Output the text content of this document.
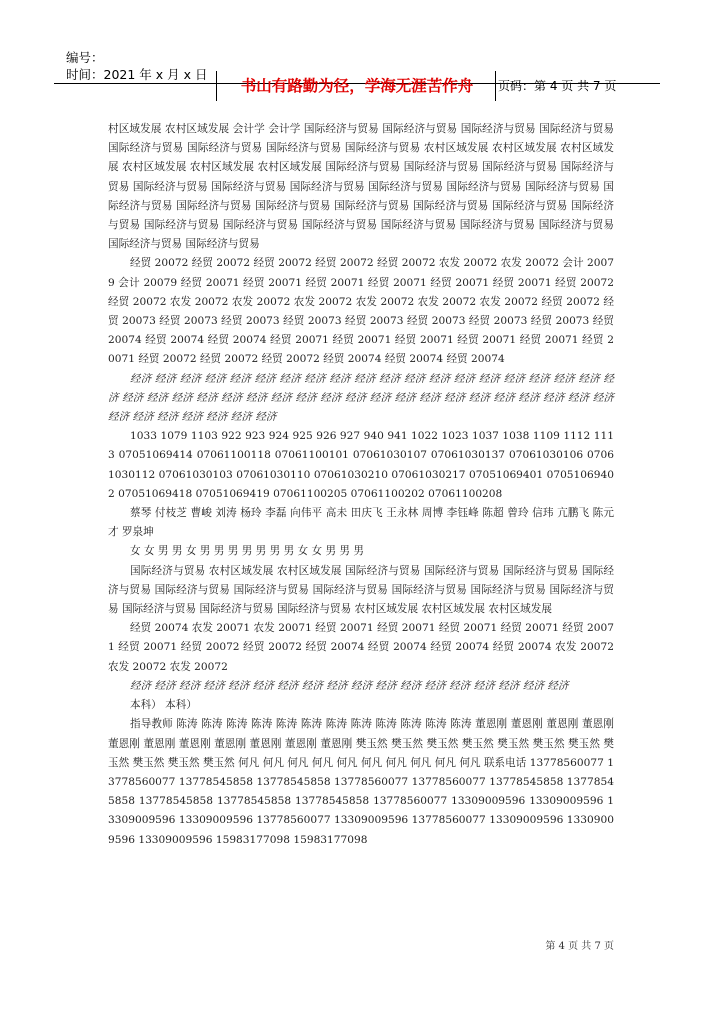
编号：
时间：2021 年 x 月 x 日
书山有路勤为径，学海无涯苦作舟	页码：第 4 页 共 7 页

村区域发展 农村区域发展 会计学 会计学 国际经济与贸易 国际经济与贸易 国际经济与贸易 国际经济与贸易 国际经济与贸易 国际经济与贸易 国际经济与贸易 国际经济与贸易 农村区域发展 农村区域发展 农村区域发展 农村区域发展 农村区域发展 农村区域发展 国际经济与贸易 国际经济与贸易 国际经济与贸易 国际经济与贸易 国际经济与贸易 国际经济与贸易 国际经济与贸易 国际经济与贸易 国际经济与贸易 国际经济与贸易 国际经济与贸易 国际经济与贸易 国际经济与贸易 国际经济与贸易 国际经济与贸易 国际经济与贸易 国际经济与贸易 国际经济与贸易 国际经济与贸易 国际经济与贸易 国际经济与贸易 国际经济与贸易 国际经济与贸易 国际经济与贸易 国际经济与贸易

经贸 20072 经贸 20072 经贸 20072 经贸 20072 经贸 20072 农发 20072 农发 20072 会计 20079 会计 20079 经贸 20071 经贸 20071 经贸 20071 经贸 20071 经贸 20071 经贸 20071 经贸 20072 经贸 20072 农发 20072 农发 20072 农发 20072 农发 20072 农发 20072 农发 20072 经贸 20072 经贸 20073 经贸 20073 经贸 20073 经贸 20073 经贸 20073 经贸 20073 经贸 20073 经贸 20073 经贸 20074 经贸 20074 经贸 20074 经贸 20071 经贸 20071 经贸 20071 经贸 20071 经贸 20071 经贸 20071 经贸 20072 经贸 20072 经贸 20072 经贸 20074 经贸 20074 经贸 20074

经济 经济 经济 经济 经济 经济 经济 经济 经济 经济 经济 经济 经济 经济 经济 经济 经济 经济 经济 经济 经济 经济 经济 经济 经济 经济 经济 经济 经济 经济 经济 经济 经济 经济 经济 经济 经济 经济 经济 经济 经济 经济 经济 经济 经济 经济 经济

1033 1079 1103 922 923 924 925 926 927 940 941 1022 1023 1037 1038 1109 1112 1113 07051069414 07061100118 07061100101 07061030107 07061030137 07061030106 07061030112 07061030103 07061030110 07061030210 07061030217 07051069401 07051069402 07051069418 07051069419 07061100205 07061100202 07061100208

蔡琴 付枝芝 曹峻 刘涛 杨玲 李磊 向伟平 高未 田庆飞 王永林 周博 李钰峰 陈超 曾玲 信玮 亢鹏飞 陈元才 罗泉坤

女 女 男 男 女 男 男 男 男 男 男 男 女 女 男 男 男

国际经济与贸易 农村区域发展 农村区域发展 国际经济与贸易 国际经济与贸易 国际经济与贸易 国际经济与贸易 国际经济与贸易 国际经济与贸易 国际经济与贸易 国际经济与贸易 国际经济与贸易 国际经济与贸易 国际经济与贸易 国际经济与贸易 国际经济与贸易 农村区域发展 农村区域发展 农村区域发展

经贸 20074 农发 20071 农发 20071 经贸 20071 经贸 20071 经贸 20071 经贸 20071 经贸 20071 经贸 20071 经贸 20072 经贸 20072 经贸 20074 经贸 20074 经贸 20074 经贸 20074 农发 20072 农发 20072 农发 20072

经济 经济 经济 经济 经济 经济 经济 经济 经济 经济 经济 经济 经济 经济 经济 经济 经济 经济

本科） 本科）

指导教师 陈涛 陈涛 陈涛 陈涛 陈涛 陈涛 陈涛 陈涛 陈涛 陈涛 陈涛 陈涛 董恩刚 董恩刚 董恩刚 董恩刚 董恩刚 董恩刚 董恩刚 董恩刚 董恩刚 董恩刚 董恩刚 樊玉然 樊玉然 樊玉然 樊玉然 樊玉然 樊玉然 樊玉然 樊玉然 樊玉然 樊玉然 樊玉然 何凡 何凡 何凡 何凡 何凡 何凡 何凡 何凡 何凡 何凡 联系电话 13778560077 13778560077 13778545858 13778545858 13778560077 13778560077 13778545858 13778545858 13778545858 13778545858 13778545858 13778560077 13309009596 13309009596 13309009596 13309009596 13778560077 13309009596 13778560077 13309009596 13309009596 13309009596 15983177098 15983177098

第 4 页 共 7 页
